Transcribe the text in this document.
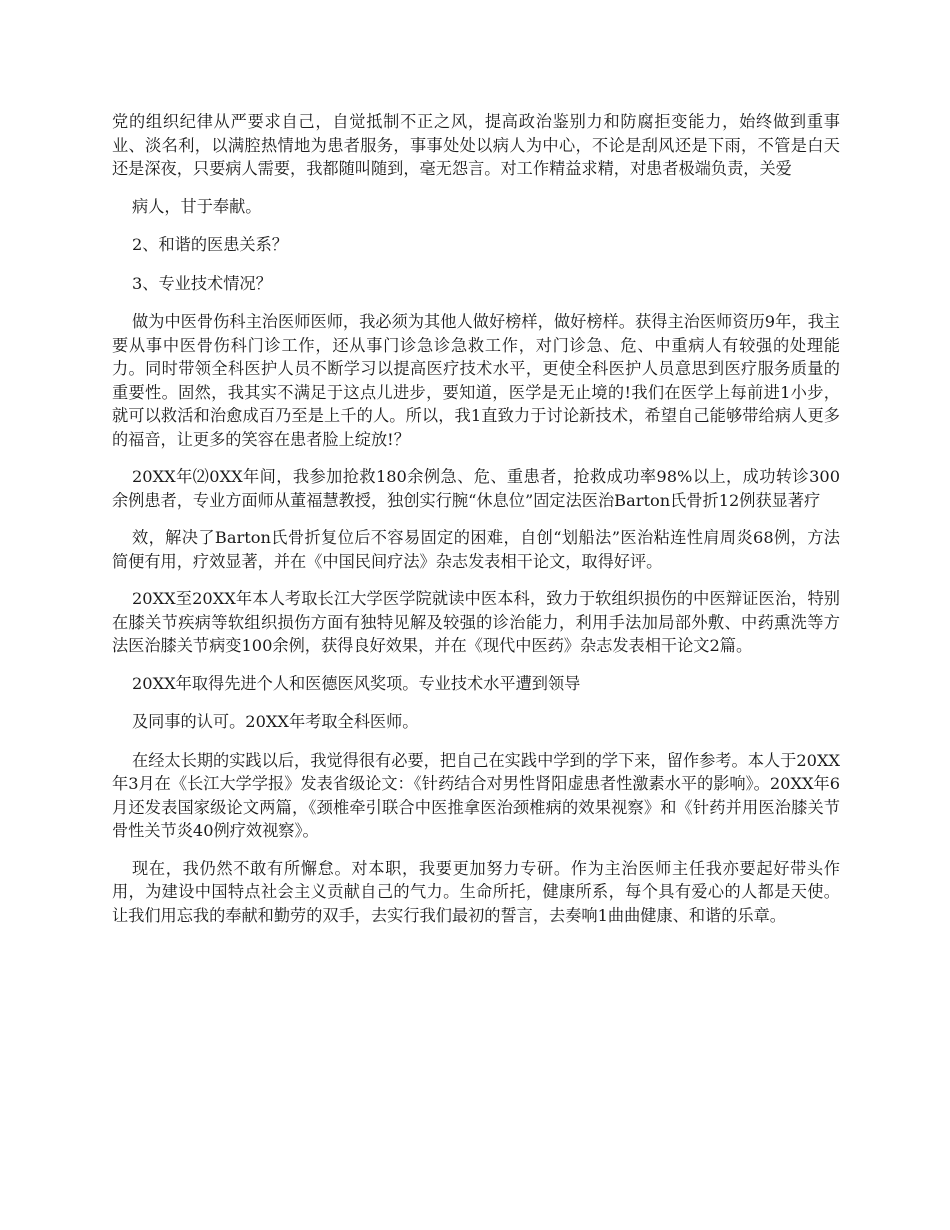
党的组织纪律从严要求自己，自觉抵制不正之风，提高政治鉴别力和防腐拒变能力，始终做到重事业、淡名利，以满腔热情地为患者服务，事事处处以病人为中心，不论是刮风还是下雨，不管是白天还是深夜，只要病人需要，我都随叫随到，毫无怨言。对工作精益求精，对患者极端负责，关爱

病人，甘于奉献。

2、和谐的医患关系？

3、专业技术情况？

做为中医骨伤科主治医师医师，我必须为其他人做好榜样，做好榜样。获得主治医师资历9年，我主要从事中医骨伤科门诊工作，还从事门诊急诊急救工作，对门诊急、危、中重病人有较强的处理能力。同时带领全科医护人员不断学习以提高医疗技术水平，更使全科医护人员意思到医疗服务质量的重要性。固然，我其实不满足于这点儿进步，要知道，医学是无止境的!我们在医学上每前进1小步，就可以救活和治愈成百乃至是上千的人。所以，我1直致力于讨论新技术，希望自己能够带给病人更多的福音，让更多的笑容在患者脸上绽放!？

20XX年⑵0XX年间，我参加抢救180余例急、危、重患者，抢救成功率98%以上，成功转诊300余例患者，专业方面师从董福慧教授，独创实行腕“休息位”固定法医治Barton氏骨折12例获显著疗

效，解决了Barton氏骨折复位后不容易固定的困难，自创“划船法”医治粘连性肩周炎68例，方法简便有用，疗效显著，并在《中国民间疗法》杂志发表相干论文，取得好评。

20XX至20XX年本人考取长江大学医学院就读中医本科，致力于软组织损伤的中医辩证医治，特别在膝关节疾病等软组织损伤方面有独特见解及较强的诊治能力，利用手法加局部外敷、中药熏洗等方法医治膝关节病变100余例，获得良好效果，并在《现代中医药》杂志发表相干论文2篇。

20XX年取得先进个人和医德医风奖项。专业技术水平遭到领导

及同事的认可。20XX年考取全科医师。

在经太长期的实践以后，我觉得很有必要，把自己在实践中学到的学下来，留作参考。本人于20XX年3月在《长江大学学报》发表省级论文：《针药结合对男性肾阳虚患者性激素水平的影响》。20XX年6月还发表国家级论文两篇，《颈椎牵引联合中医推拿医治颈椎病的效果视察》和《针药并用医治膝关节骨性关节炎40例疗效视察》。

现在，我仍然不敢有所懈怠。对本职，我要更加努力专研。作为主治医师主任我亦要起好带头作用，为建设中国特点社会主义贡献自己的气力。生命所托，健康所系，每个具有爱心的人都是天使。让我们用忘我的奉献和勤劳的双手，去实行我们最初的誓言，去奏响1曲曲健康、和谐的乐章。
